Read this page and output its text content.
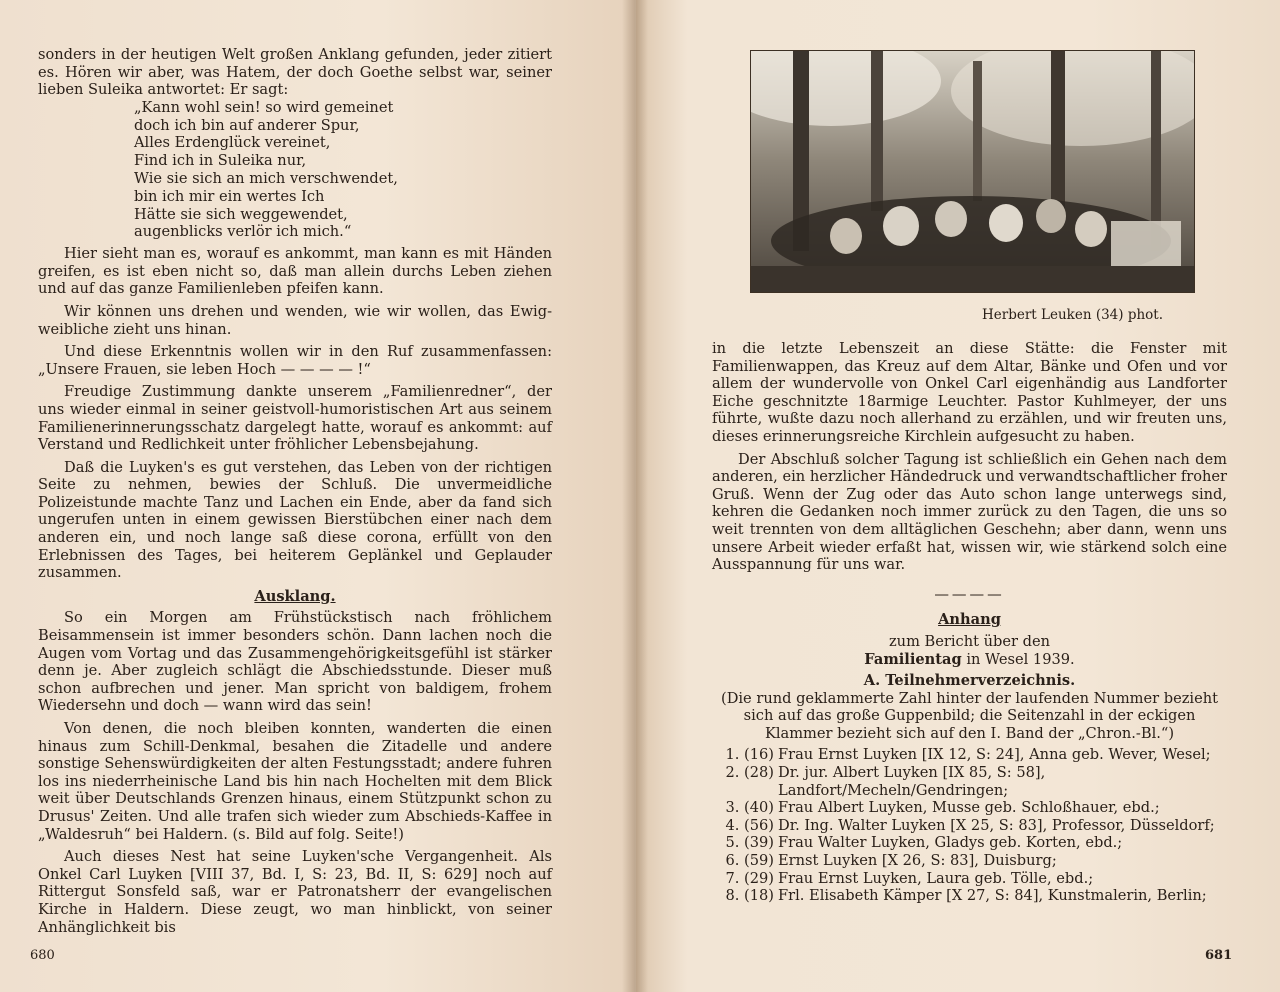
sonders in der heutigen Welt großen Anklang gefunden, jeder zitiert es. Hören wir aber, was Hatem, der doch Goethe selbst war, seiner lieben Suleika antwortet: Er sagt:

„Kann wohl sein! so wird gemeinet
doch ich bin auf anderer Spur,
Alles Erdenglück vereinet,
Find ich in Suleika nur,
Wie sie sich an mich verschwendet,
bin ich mir ein wertes Ich
Hätte sie sich weggewendet,
augenblicks verlör ich mich.“

Hier sieht man es, worauf es ankommt, man kann es mit Händen greifen, es ist eben nicht so, daß man allein durchs Leben ziehen und auf das ganze Familienleben pfeifen kann.

Wir können uns drehen und wenden, wie wir wollen, das Ewig-weibliche zieht uns hinan.

Und diese Erkenntnis wollen wir in den Ruf zusammenfassen: „Unsere Frauen, sie leben Hoch — — — — !“

Freudige Zustimmung dankte unserem „Familienredner“, der uns wieder einmal in seiner geistvoll-humoristischen Art aus seinem Familienerinnerungsschatz dargelegt hatte, worauf es ankommt: auf Verstand und Redlichkeit unter fröhlicher Lebensbejahung.

Daß die Luyken's es gut verstehen, das Leben von der richtigen Seite zu nehmen, bewies der Schluß. Die unvermeidliche Polizeistunde machte Tanz und Lachen ein Ende, aber da fand sich ungerufen unten in einem gewissen Bierstübchen einer nach dem anderen ein, und noch lange saß diese corona, erfüllt von den Erlebnissen des Tages, bei heiterem Geplänkel und Geplauder zusammen.

Ausklang.

So ein Morgen am Frühstückstisch nach fröhlichem Beisammensein ist immer besonders schön. Dann lachen noch die Augen vom Vortag und das Zusammengehörigkeitsgefühl ist stärker denn je. Aber zugleich schlägt die Abschiedsstunde. Dieser muß schon aufbrechen und jener. Man spricht von baldigem, frohem Wiedersehn und doch — wann wird das sein!

Von denen, die noch bleiben konnten, wanderten die einen hinaus zum Schill-Denkmal, besahen die Zitadelle und andere sonstige Sehenswürdigkeiten der alten Festungsstadt; andere fuhren los ins niederrheinische Land bis hin nach Hochelten mit dem Blick weit über Deutschlands Grenzen hinaus, einem Stützpunkt schon zu Drusus' Zeiten. Und alle trafen sich wieder zum Abschieds-Kaffee in „Waldesruh“ bei Haldern. (s. Bild auf folg. Seite!)

Auch dieses Nest hat seine Luyken'sche Vergangenheit. Als Onkel Carl Luyken [VIII 37, Bd. I, S: 23, Bd. II, S: 629] noch auf Rittergut Sonsfeld saß, war er Patronatsherr der evangelischen Kirche in Haldern. Diese zeugt, wo man hinblickt, von seiner Anhänglichkeit bis

680
Herbert Leuken (34) phot.

in die letzte Lebenszeit an diese Stätte: die Fenster mit Familienwappen, das Kreuz auf dem Altar, Bänke und Ofen und vor allem der wundervolle von Onkel Carl eigenhändig aus Landforter Eiche geschnitzte 18armige Leuchter. Pastor Kuhlmeyer, der uns führte, wußte dazu noch allerhand zu erzählen, und wir freuten uns, dieses erinnerungsreiche Kirchlein aufgesucht zu haben.

Der Abschluß solcher Tagung ist schließlich ein Gehen nach dem anderen, ein herzlicher Händedruck und verwandtschaftlicher froher Gruß. Wenn der Zug oder das Auto schon lange unterwegs sind, kehren die Gedanken noch immer zurück zu den Tagen, die uns so weit trennten von dem alltäglichen Geschehn; aber dann, wenn uns unsere Arbeit wieder erfaßt hat, wissen wir, wie stärkend solch eine Ausspannung für uns war.

————
Anhang
zum Bericht über den
Familientag in Wesel 1939.
A. Teilnehmerverzeichnis.

(Die rund geklammerte Zahl hinter der laufenden Nummer bezieht sich auf das große Guppenbild; die Seitenzahl in der eckigen Klammer bezieht sich auf den I. Band der „Chron.-Bl.“)

1. (16) Frau Ernst Luyken [IX 12, S: 24], Anna geb. Wever, Wesel;
2. (28) Dr. jur. Albert Luyken [IX 85, S: 58], Landfort/Mecheln/Gendringen;
3. (40) Frau Albert Luyken, Musse geb. Schloßhauer, ebd.;
4. (56) Dr. Ing. Walter Luyken [X 25, S: 83], Professor, Düsseldorf;
5. (39) Frau Walter Luyken, Gladys geb. Korten, ebd.;
6. (59) Ernst Luyken [X 26, S: 83], Duisburg;
7. (29) Frau Ernst Luyken, Laura geb. Tölle, ebd.;
8. (18) Frl. Elisabeth Kämper [X 27, S: 84], Kunstmalerin, Berlin;
681
